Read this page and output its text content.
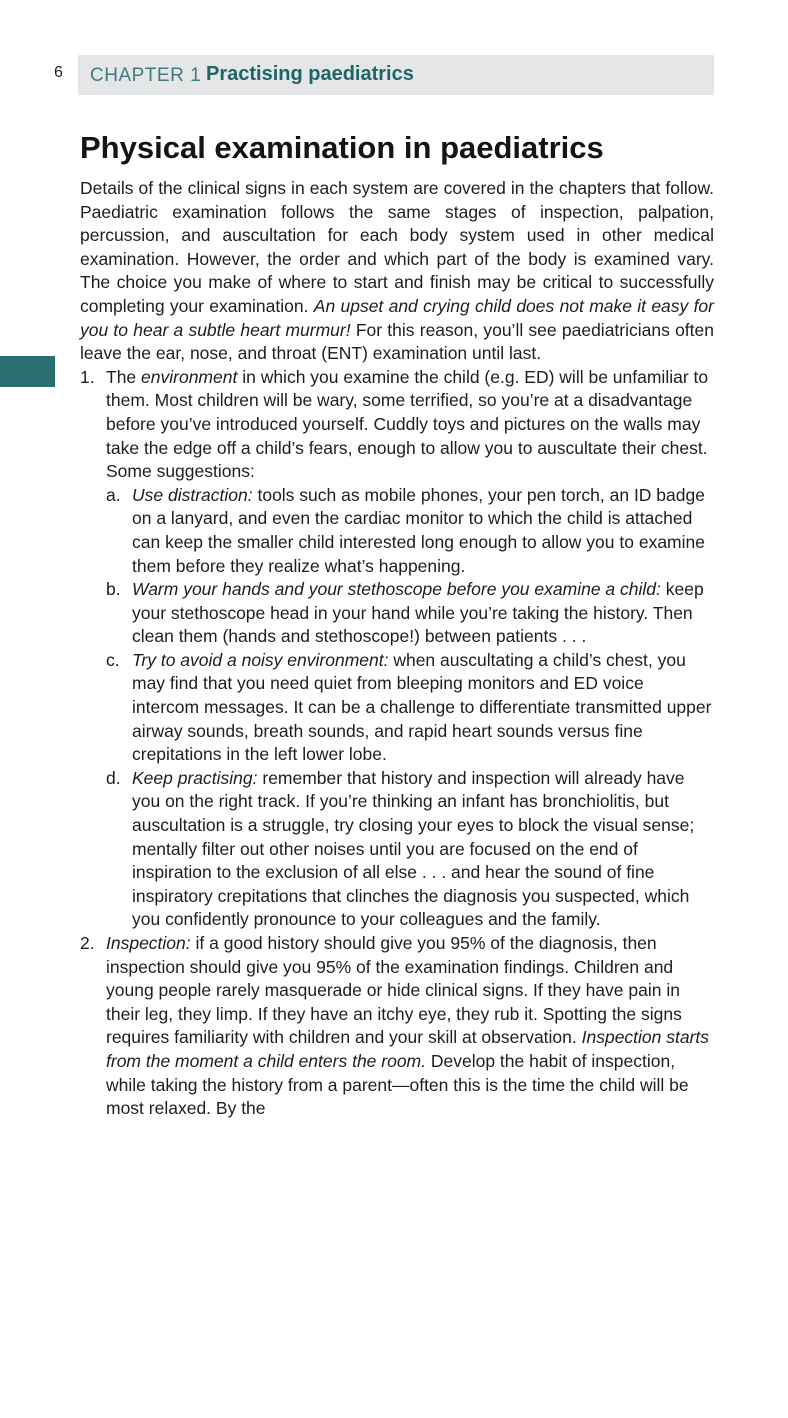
6 CHAPTER 1 Practising paediatrics
Physical examination in paediatrics

Details of the clinical signs in each system are covered in the chapters that follow. Paediatric examination follows the same stages of inspection, palpation, percussion, and auscultation for each body system used in other medical examination. However, the order and which part of the body is examined vary. The choice you make of where to start and finish may be critical to successfully completing your examination. An upset and crying child does not make it easy for you to hear a subtle heart murmur! For this reason, you’ll see paediatricians often leave the ear, nose, and throat (ENT) examination until last.

1. The environment in which you examine the child (e.g. ED) will be unfamiliar to them. Most children will be wary, some terrified, so you’re at a disadvantage before you’ve introduced yourself. Cuddly toys and pictures on the walls may take the edge off a child’s fears, enough to allow you to auscultate their chest. Some suggestions:
a. Use distraction: tools such as mobile phones, your pen torch, an ID badge on a lanyard, and even the cardiac monitor to which the child is attached can keep the smaller child interested long enough to allow you to examine them before they realize what’s happening.
b. Warm your hands and your stethoscope before you examine a child: keep your stethoscope head in your hand while you’re taking the history. Then clean them (hands and stethoscope!) between patients . . .
c. Try to avoid a noisy environment: when auscultating a child’s chest, you may find that you need quiet from bleeping monitors and ED voice intercom messages. It can be a challenge to differentiate transmitted upper airway sounds, breath sounds, and rapid heart sounds versus fine crepitations in the left lower lobe.
d. Keep practising: remember that history and inspection will already have you on the right track. If you’re thinking an infant has bronchiolitis, but auscultation is a struggle, try closing your eyes to block the visual sense; mentally filter out other noises until you are focused on the end of inspiration to the exclusion of all else . . . and hear the sound of fine inspiratory crepitations that clinches the diagnosis you suspected, which you confidently pronounce to your colleagues and the family.
2. Inspection: if a good history should give you 95% of the diagnosis, then inspection should give you 95% of the examination findings. Children and young people rarely masquerade or hide clinical signs. If they have pain in their leg, they limp. If they have an itchy eye, they rub it. Spotting the signs requires familiarity with children and your skill at observation. Inspection starts from the moment a child enters the room. Develop the habit of inspection, while taking the history from a parent—often this is the time the child will be most relaxed. By the
